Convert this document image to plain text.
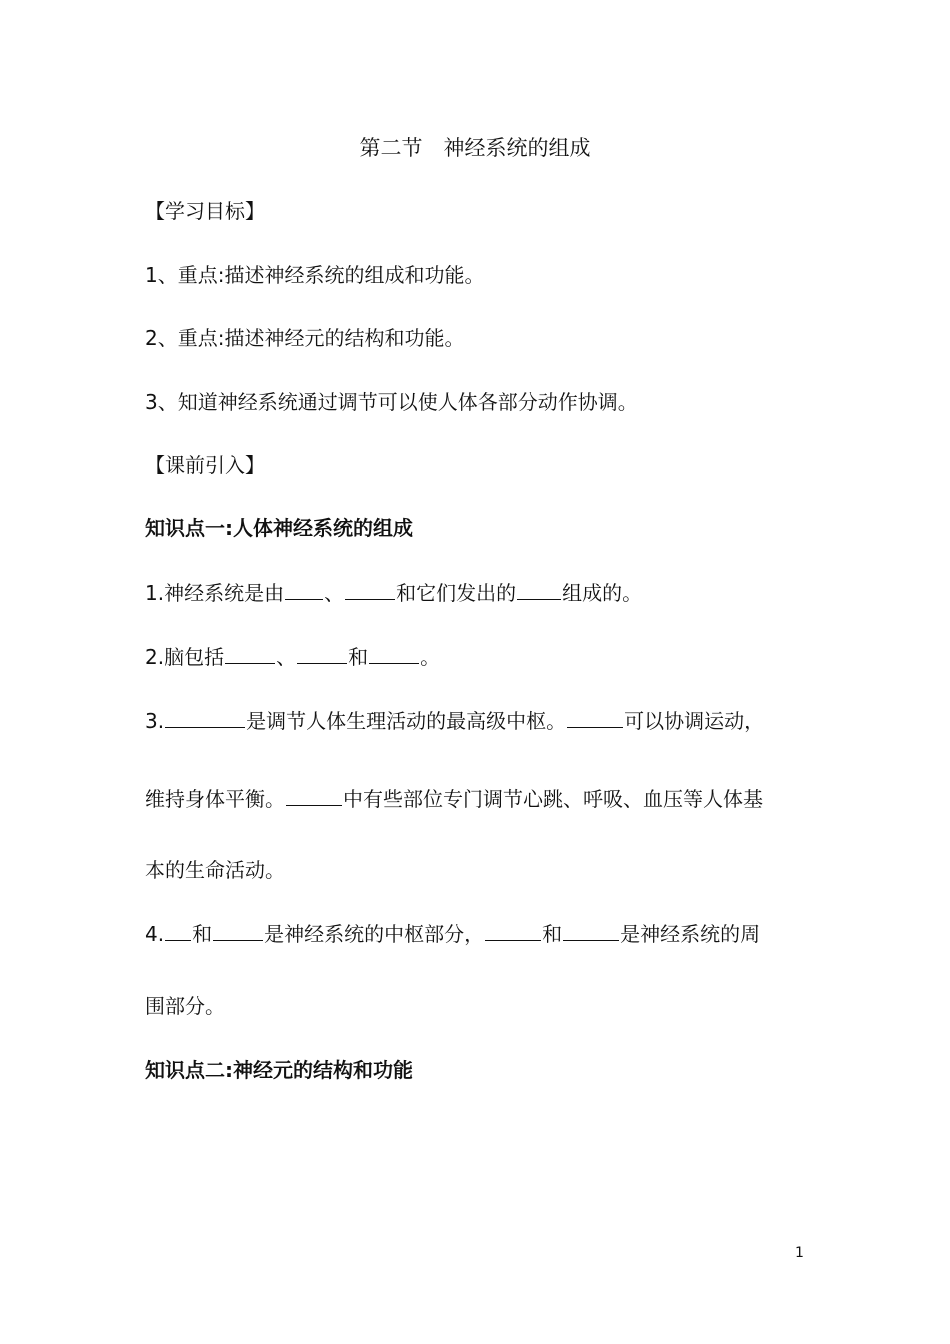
第二节　神经系统的组成
【学习目标】
1、重点:描述神经系统的组成和功能。
2、重点:描述神经元的结构和功能。
3、知道神经系统通过调节可以使人体各部分动作协调。
【课前引入】
知识点一:人体神经系统的组成
1.神经系统是由 、	和它们发出的 组成的。
2.脑包括	、	和	。
3.	是调节人体生理活动的最高级中枢。	可以协调运动，
维持身体平衡。	中有些部位专门调节心跳、呼吸、血压等人体基
本的生命活动。
4. 和	是神经系统的中枢部分，	和	是神经系统的周
围部分。
知识点二:神经元的结构和功能
1
